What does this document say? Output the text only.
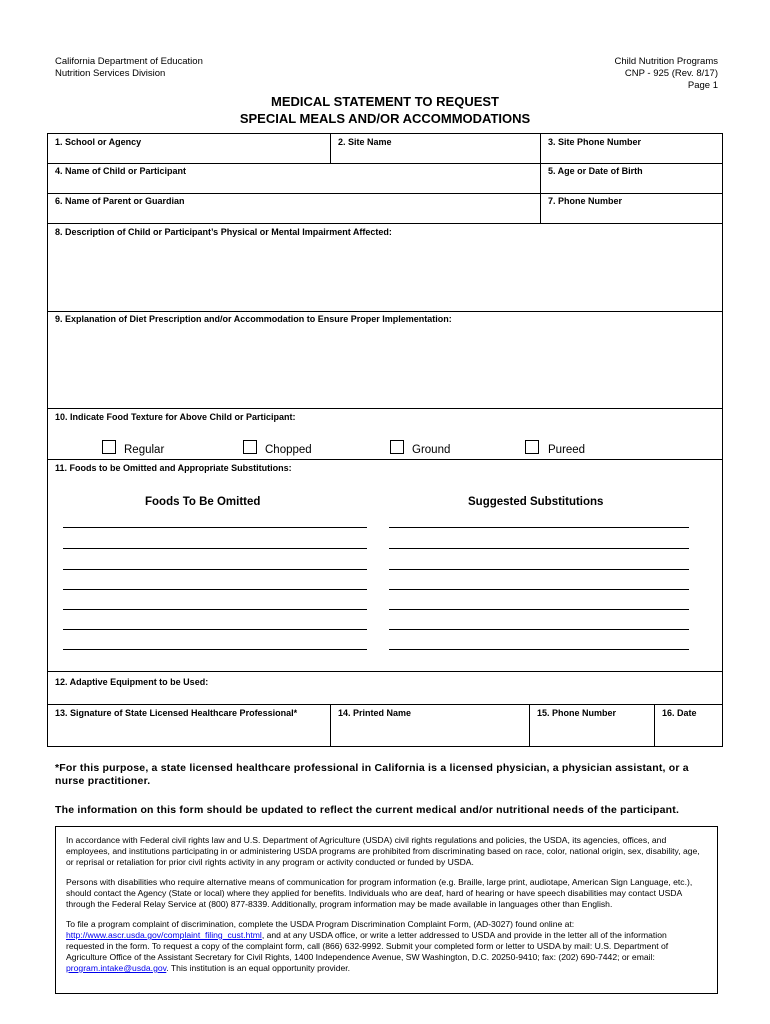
California Department of Education
Nutrition Services Division
Child Nutrition Programs
CNP - 925 (Rev. 8/17)
Page 1
MEDICAL STATEMENT TO REQUEST
SPECIAL MEALS AND/OR ACCOMMODATIONS
1. School or Agency	2. Site Name	3. Site Phone Number
4. Name of Child or Participant	5. Age or Date of Birth
6. Name of Parent or Guardian	7. Phone Number
8. Description of Child or Participant’s Physical or Mental Impairment Affected:
9. Explanation of Diet Prescription and/or Accommodation to Ensure Proper Implementation:
10. Indicate Food Texture for Above Child or Participant:
Regular	Chopped	Ground	Pureed
11. Foods to be Omitted and Appropriate Substitutions:
Foods To Be Omitted	Suggested Substitutions
12. Adaptive Equipment to be Used:
13. Signature of State Licensed Healthcare Professional*	14. Printed Name	15. Phone Number	16. Date
*For this purpose, a state licensed healthcare professional in California is a licensed physician, a physician assistant, or a nurse practitioner.
The information on this form should be updated to reflect the current medical and/or nutritional needs of the participant.

In accordance with Federal civil rights law and U.S. Department of Agriculture (USDA) civil rights regulations and policies, the USDA, its agencies, offices, and employees, and institutions participating in or administering USDA programs are prohibited from discriminating based on race, color, national origin, sex, disability, age, or reprisal or retaliation for prior civil rights activity in any program or activity conducted or funded by USDA.

Persons with disabilities who require alternative means of communication for program information (e.g. Braille, large print, audiotape, American Sign Language, etc.), should contact the Agency (State or local) where they applied for benefits. Individuals who are deaf, hard of hearing or have speech disabilities may contact USDA through the Federal Relay Service at (800) 877-8339. Additionally, program information may be made available in languages other than English.

To file a program complaint of discrimination, complete the USDA Program Discrimination Complaint Form, (AD-3027) found online at: http://www.ascr.usda.gov/complaint_filing_cust.html, and at any USDA office, or write a letter addressed to USDA and provide in the letter all of the information requested in the form. To request a copy of the complaint form, call (866) 632-9992. Submit your completed form or letter to USDA by mail: U.S. Department of Agriculture Office of the Assistant Secretary for Civil Rights, 1400 Independence Avenue, SW Washington, D.C. 20250-9410; fax: (202) 690-7442; or email: program.intake@usda.gov. This institution is an equal opportunity provider.
